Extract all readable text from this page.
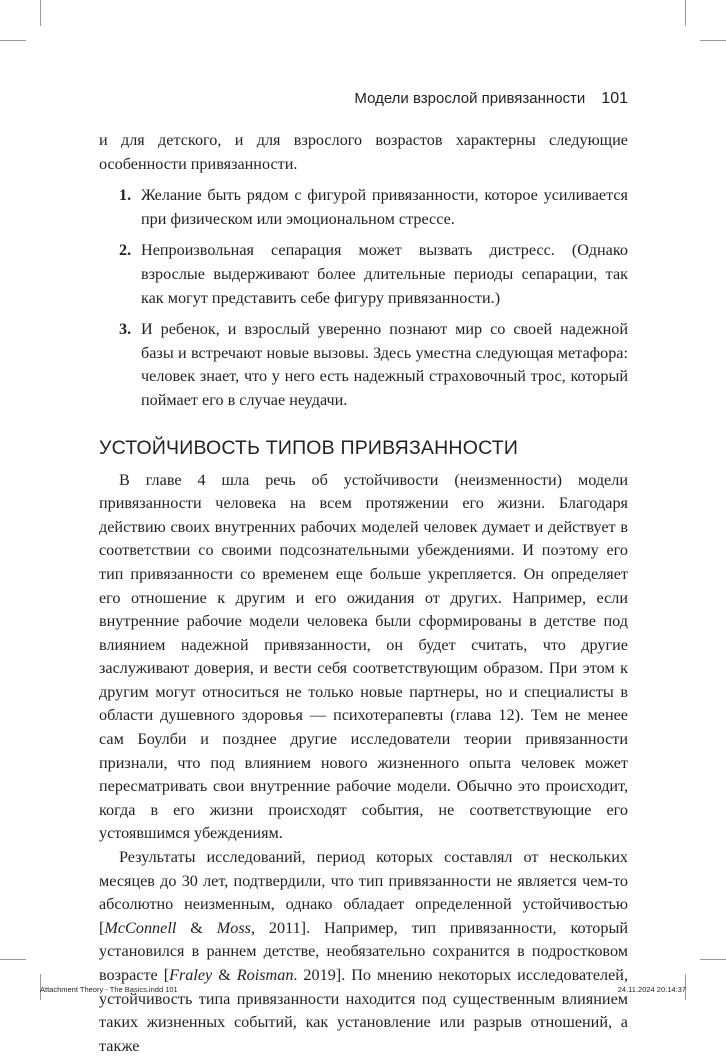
Модели взрослой привязанности 101

и для детского, и для взрослого возрастов характерны следующие особенности привязанности.

1. Желание быть рядом с фигурой привязанности, которое усиливается при физическом или эмоциональном стрессе.
2. Непроизвольная сепарация может вызвать дистресс. (Однако взрослые выдерживают более длительные периоды сепарации, так как могут представить себе фигуру привязанности.)
3. И ребенок, и взрослый уверенно познают мир со своей надежной базы и встречают новые вызовы. Здесь уместна следующая метафора: человек знает, что у него есть надежный страховочный трос, который поймает его в случае неудачи.
УСТОЙЧИВОСТЬ ТИПОВ ПРИВЯЗАННОСТИ

В главе 4 шла речь об устойчивости (неизменности) модели привязанности человека на всем протяжении его жизни. Благодаря действию своих внутренних рабочих моделей человек думает и действует в соответствии со своими подсознательными убеждениями. И поэтому его тип привязанности со временем еще больше укрепляется. Он определяет его отношение к другим и его ожидания от других. Например, если внутренние рабочие модели человека были сформированы в детстве под влиянием надежной привязанности, он будет считать, что другие заслуживают доверия, и вести себя соответствующим образом. При этом к другим могут относиться не только новые партнеры, но и специалисты в области душевного здоровья — психотерапевты (глава 12). Тем не менее сам Боулби и позднее другие исследователи теории привязанности признали, что под влиянием нового жизненного опыта человек может пересматривать свои внутренние рабочие модели. Обычно это происходит, когда в его жизни происходят события, не соответствующие его устоявшимся убеждениям.

Результаты исследований, период которых составлял от нескольких месяцев до 30 лет, подтвердили, что тип привязанности не является чем-то абсолютно неизменным, однако обладает определенной устойчивостью [McConnell & Moss, 2011]. Например, тип привязанности, который установился в раннем детстве, необязательно сохранится в подростковом возрасте [Fraley & Roisman. 2019]. По мнению некоторых исследователей, устойчивость типа привязанности находится под существенным влиянием таких жизненных событий, как установление или разрыв отношений, а также

Attachment Theory - The Basics.indd 101	24.11.2024 20:14:37
